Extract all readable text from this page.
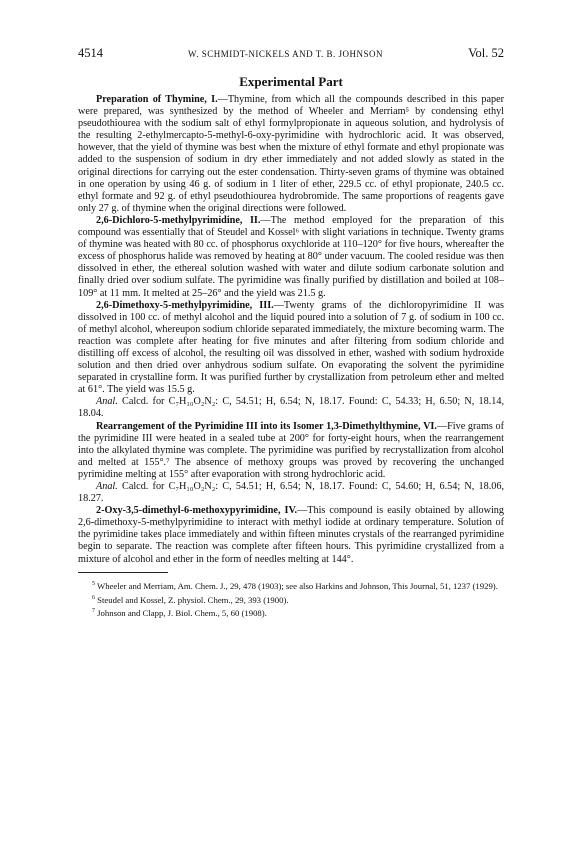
4514	W. SCHMIDT-NICKELS AND T. B. JOHNSON	Vol. 52
Experimental Part

Preparation of Thymine, I.—Thymine, from which all the compounds described in this paper were prepared, was synthesized by the method of Wheeler and Merriam⁵ by condensing ethyl pseudothiourea with the sodium salt of ethyl formylpropionate in aqueous solution, and hydrolysis of the resulting 2-ethylmercapto-5-methyl-6-oxy-pyrimidine with hydrochloric acid. It was observed, however, that the yield of thymine was best when the mixture of ethyl formate and ethyl propionate was added to the suspension of sodium in dry ether immediately and not added slowly as stated in the original directions for carrying out the ester condensation. Thirty-seven grams of thymine was obtained in one operation by using 46 g. of sodium in 1 liter of ether, 229.5 cc. of ethyl propionate, 240.5 cc. ethyl formate and 92 g. of ethyl pseudothiourea hydrobromide. The same proportions of reagents gave only 27 g. of thymine when the original directions were followed.

2,6-Dichloro-5-methylpyrimidine, II.—The method employed for the preparation of this compound was essentially that of Steudel and Kossel⁶ with slight variations in technique. Twenty grams of thymine was heated with 80 cc. of phosphorus oxychloride at 110–120° for five hours, whereafter the excess of phosphorus halide was removed by heating at 80° under vacuum. The cooled residue was then dissolved in ether, the ethereal solution washed with water and dilute sodium carbonate solution and finally dried over sodium sulfate. The pyrimidine was finally purified by distillation and boiled at 108–109° at 11 mm. It melted at 25–26° and the yield was 21.5 g.

2,6-Dimethoxy-5-methylpyrimidine, III.—Twenty grams of the dichloropyrimidine II was dissolved in 100 cc. of methyl alcohol and the liquid poured into a solution of 7 g. of sodium in 100 cc. of methyl alcohol, whereupon sodium chloride separated immediately, the mixture becoming warm. The reaction was complete after heating for five minutes and after filtering from sodium chloride and distilling off excess of alcohol, the resulting oil was dissolved in ether, washed with sodium hydroxide solution and then dried over anhydrous sodium sulfate. On evaporating the solvent the pyrimidine separated in crystalline form. It was purified further by crystallization from petroleum ether and melted at 61°. The yield was 15.5 g.

Anal. Calcd. for C₇H₁₀O₂N₂: C, 54.51; H, 6.54; N, 18.17. Found: C, 54.33; H, 6.50; N, 18.14, 18.04.

Rearrangement of the Pyrimidine III into its Isomer 1,3-Dimethylthymine, VI.—Five grams of the pyrimidine III were heated in a sealed tube at 200° for forty-eight hours, when the rearrangement into the alkylated thymine was complete. The pyrimidine was purified by recrystallization from alcohol and melted at 155°.⁷ The absence of methoxy groups was proved by recovering the unchanged pyrimidine melting at 155° after evaporation with strong hydrochloric acid.

Anal. Calcd. for C₇H₁₀O₂N₂: C, 54.51; H, 6.54; N, 18.17. Found: C, 54.60; H, 6.54; N, 18.06, 18.27.

2-Oxy-3,5-dimethyl-6-methoxypyrimidine, IV.—This compound is easily obtained by allowing 2,6-dimethoxy-5-methylpyrimidine to interact with methyl iodide at ordinary temperature. Solution of the pyrimidine takes place immediately and within fifteen minutes crystals of the rearranged pyrimidine begin to separate. The reaction was complete after fifteen hours. This pyrimidine crystallized from a mixture of alcohol and ether in the form of needles melting at 144°.

$^5$ Wheeler and Merriam, Am. Chem. J., 29, 478 (1903); see also Harkins and Johnson, This Journal, 51, 1237 (1929).

$^6$ Steudel and Kossel, Z. physiol. Chem., 29, 393 (1900).

$^7$ Johnson and Clapp, J. Biol. Chem., 5, 60 (1908).
